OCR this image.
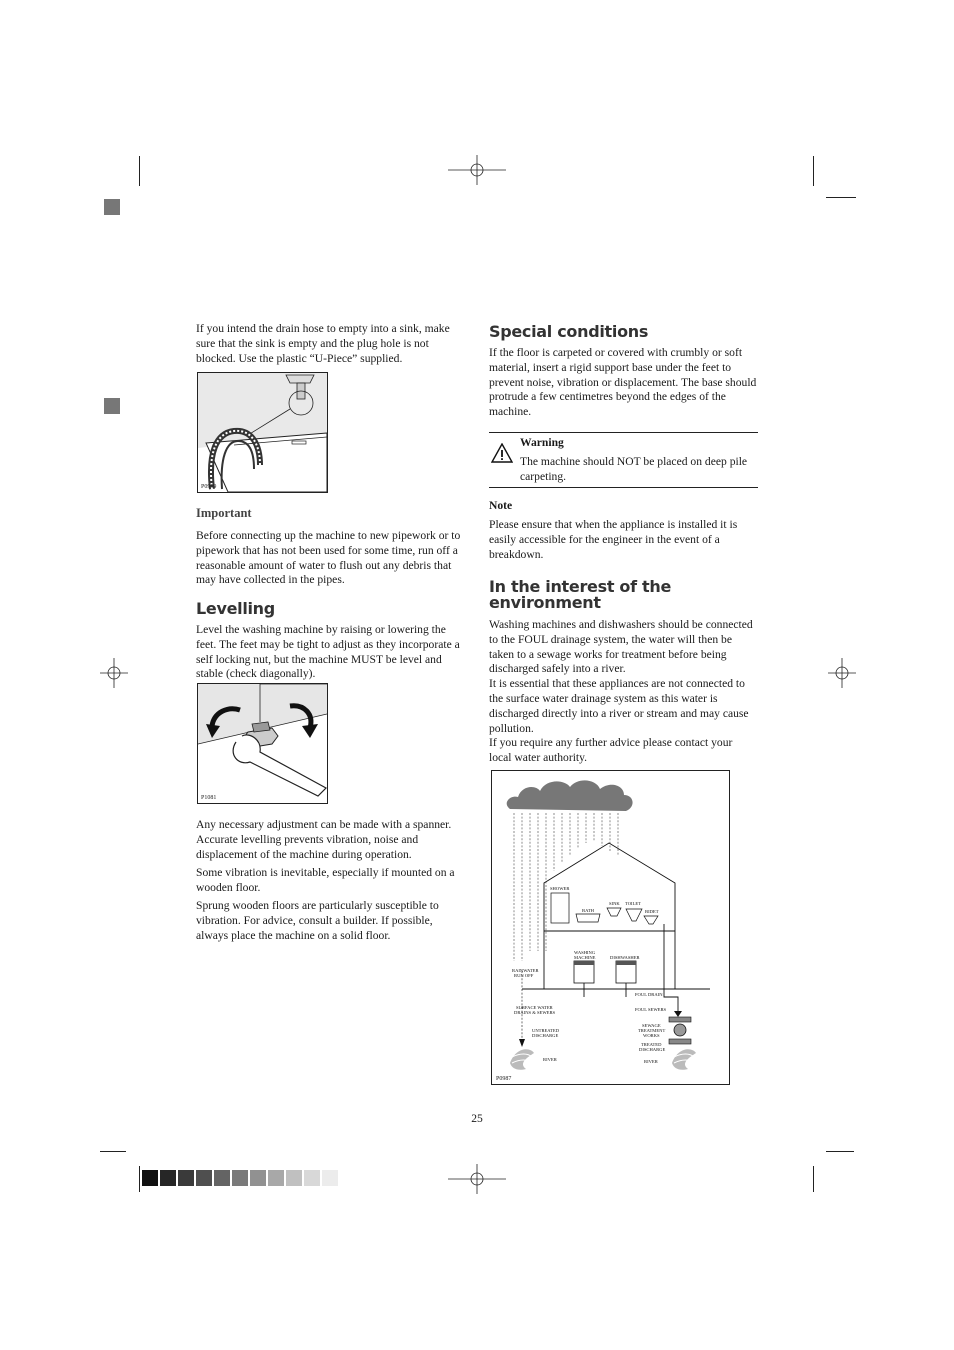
If you intend the drain hose to empty into a sink, make sure that the sink is empty and the plug hole is not blocked. Use the plastic “U-Piece” supplied.

P0959
Important

Before connecting up the machine to new pipework or to pipework that has not been used for some time, run off a reasonable amount of water to flush out any debris that may have collected in the pipes.

Levelling

Level the washing machine by raising or lowering the feet. The feet may be tight to adjust as they incorporate a self locking nut, but the machine MUST be level and stable (check diagonally).

P1081

Any necessary adjustment can be made with a spanner. Accurate levelling prevents vibration, noise and displacement of the machine during operation.

Some vibration is inevitable, especially if mounted on a wooden floor.

Sprung wooden floors are particularly susceptible to vibration. For advice, consult a builder. If possible, always place the machine on a solid floor.

Special conditions

If the floor is carpeted or covered with crumbly or soft material, insert a rigid support base under the feet to prevent noise, vibration or displacement. The base should protrude a few centimetres beyond the edges of the machine.

Warning

The machine should NOT be placed on deep pile carpeting.

Note

Please ensure that when the appliance is installed it is easily accessible for the engineer in the event of a breakdown.

In the interest of the
environment

Washing machines and dishwashers should be connected to the FOUL drainage system, the water will then be taken to a sewage works for treatment before being discharged safely into a river.

It is essential that these appliances are not connected to the surface water drainage system as this water is discharged directly into a river or stream and may cause pollution.

If you require any further advice please contact your local water authority.

SHOWER
SINK TOILET
BATH	BIDET
WASHING
MACHINE	DISHWASHER
RAINWATER
RUN OFF
FOUL DRAIN
SURFACE WATER
DRAINS & SEWERS
FOUL SEWERS
UNTREATED
DISCHARGE
SEWAGE
TREATMENT
WORKS
TREATED
DISCHARGE
RIVER	RIVER
P0987

25
